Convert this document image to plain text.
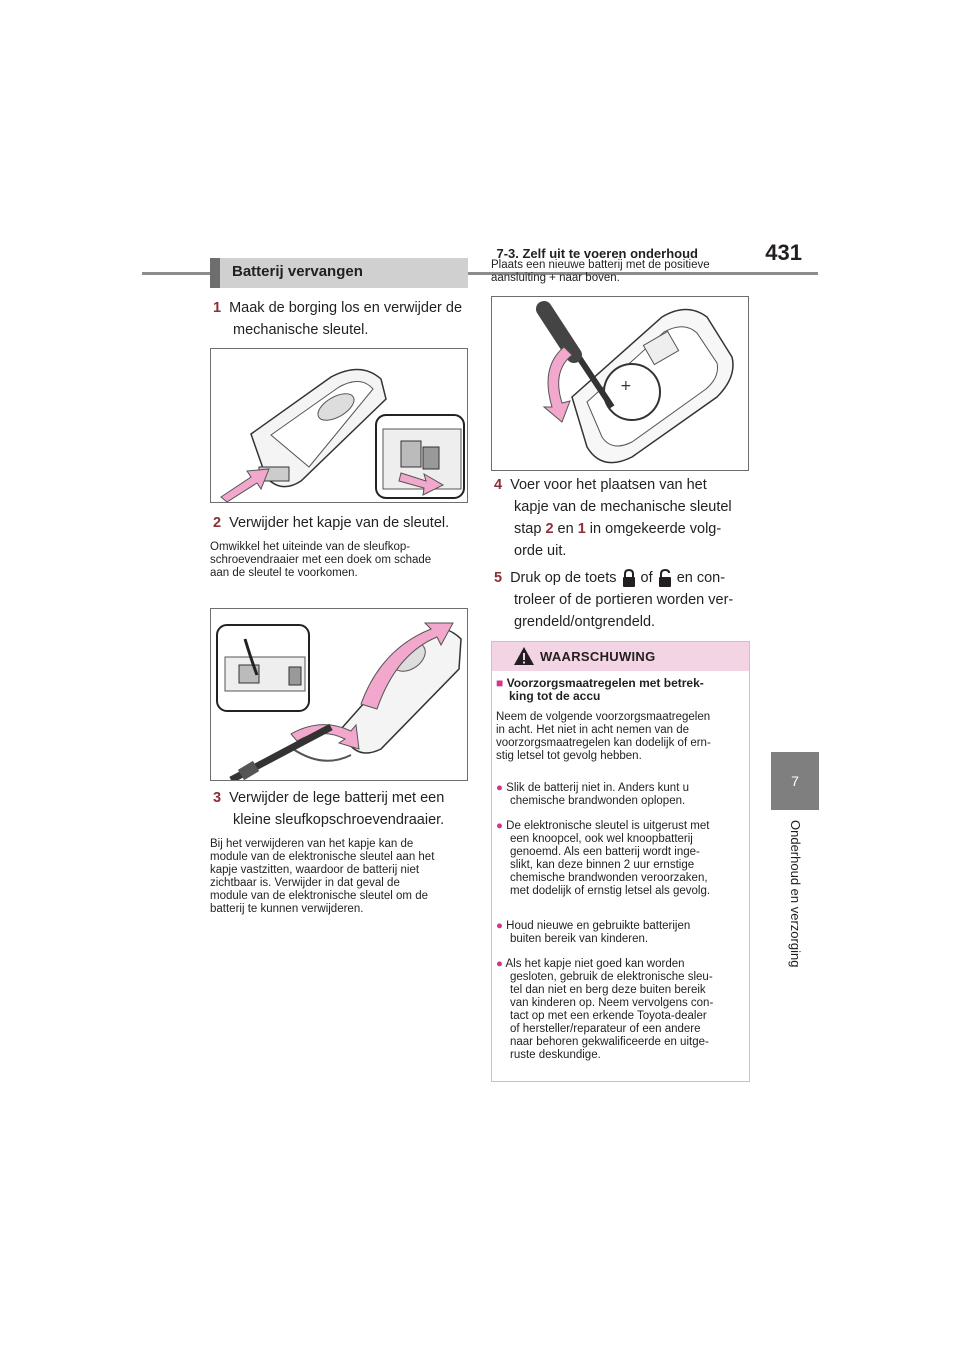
7-3. Zelf uit te voeren onderhoud	431
7
Onderhoud en verzorging
Batterij vervangen
1 Maak de borging los en verwijder de
mechanische sleutel.
2 Verwijder het kapje van de sleutel.
Omwikkel het uiteinde van de sleufkop-
schroevendraaier met een doek om schade
aan de sleutel te voorkomen.
3 Verwijder de lege batterij met een
kleine sleufkopschroevendraaier.
Bij het verwijderen van het kapje kan de
module van de elektronische sleutel aan het
kapje vastzitten, waardoor de batterij niet
zichtbaar is. Verwijder in dat geval de
module van de elektronische sleutel om de
batterij te kunnen verwijderen.
Plaats een nieuwe batterij met de positieve
aansluiting + naar boven.
+
4 Voer voor het plaatsen van het
kapje van de mechanische sleutel
stap 2 en 1 in omgekeerde volg-
orde uit.
5 Druk op de toets of en con-
troleer of de portieren worden ver-
grendeld/ontgrendeld.
WAARSCHUWING
■ Voorzorgsmaatregelen met betrek-
king tot de accu
Neem de volgende voorzorgsmaatregelen
in acht. Het niet in acht nemen van de
voorzorgsmaatregelen kan dodelijk of ern-
stig letsel tot gevolg hebben.
● Slik de batterij niet in. Anders kunt u
chemische brandwonden oplopen.
● De elektronische sleutel is uitgerust met
een knoopcel, ook wel knoopbatterij
genoemd. Als een batterij wordt inge-
slikt, kan deze binnen 2 uur ernstige
chemische brandwonden veroorzaken,
met dodelijk of ernstig letsel als gevolg.
● Houd nieuwe en gebruikte batterijen
buiten bereik van kinderen.
● Als het kapje niet goed kan worden
gesloten, gebruik de elektronische sleu-
tel dan niet en berg deze buiten bereik
van kinderen op. Neem vervolgens con-
tact op met een erkende Toyota-dealer
of hersteller/reparateur of een andere
naar behoren gekwalificeerde en uitge-
ruste deskundige.
